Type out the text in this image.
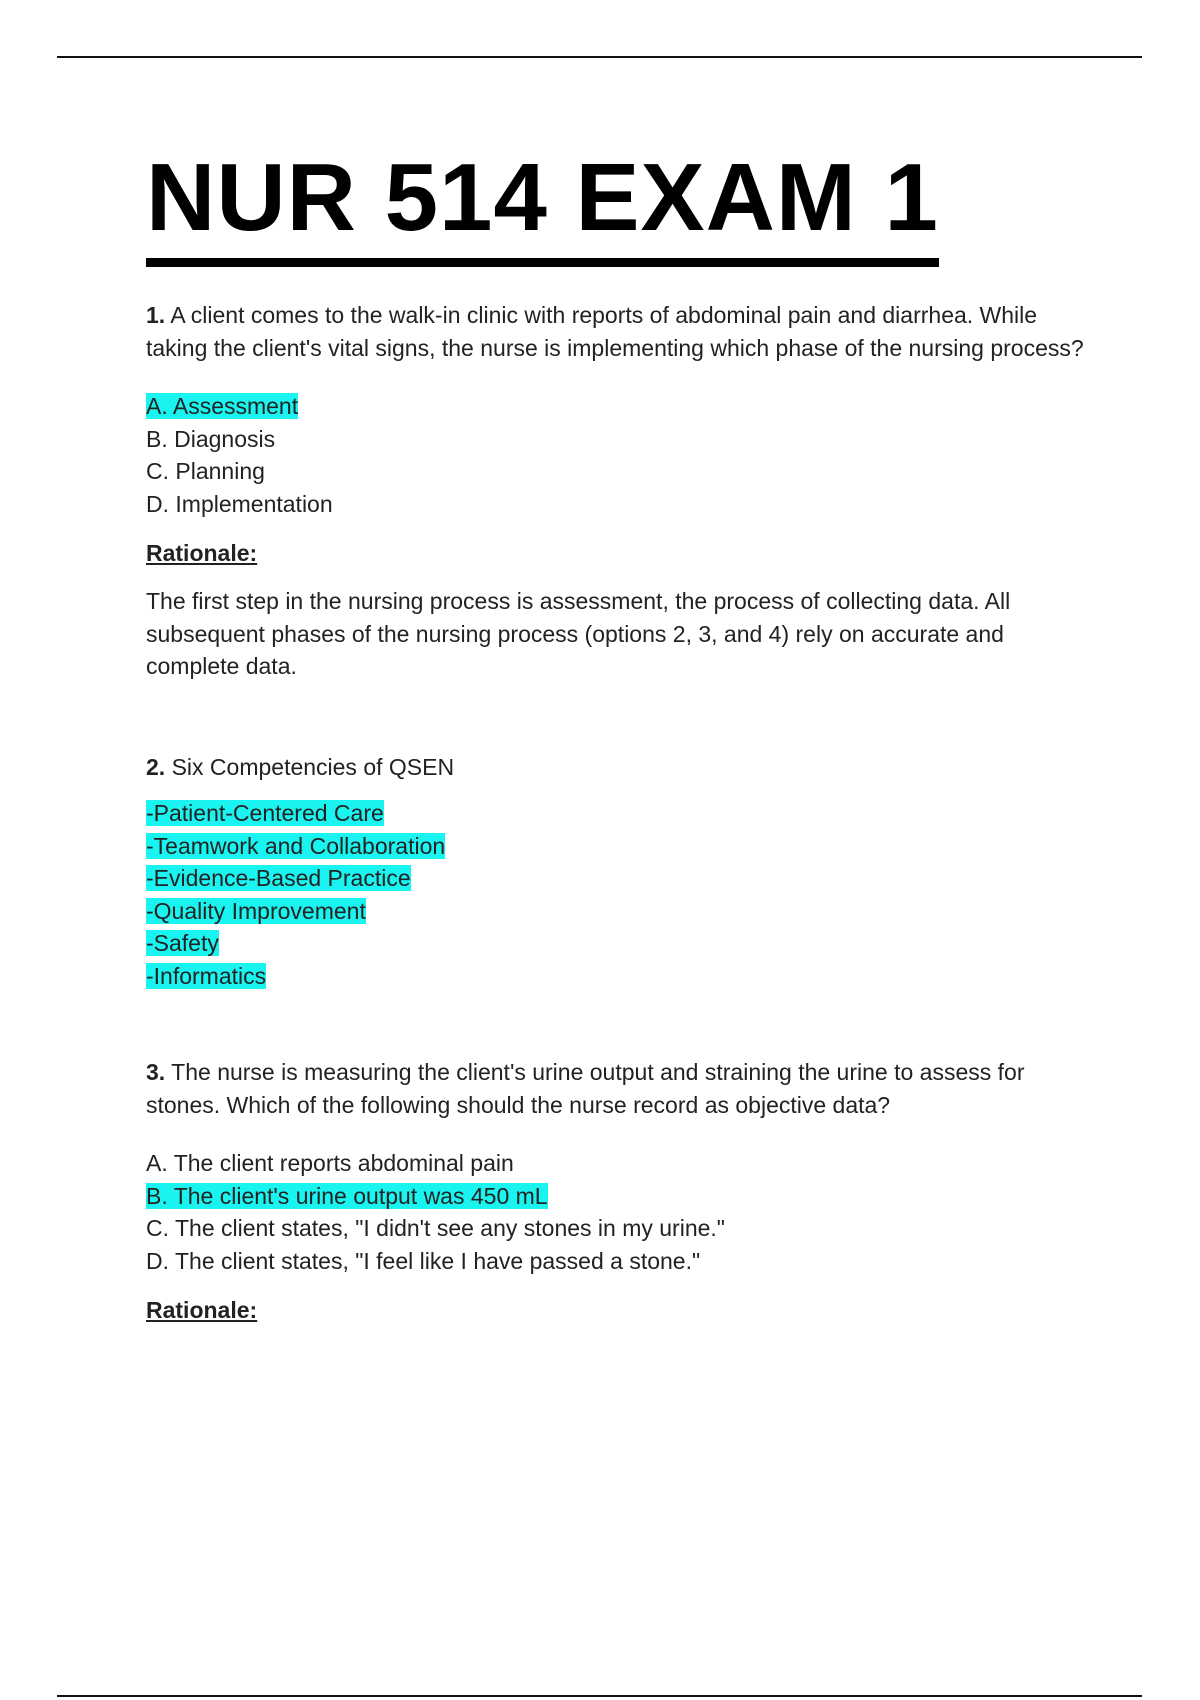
NUR 514 EXAM 1

1. A client comes to the walk-in clinic with reports of abdominal pain and diarrhea. While taking the client's vital signs, the nurse is implementing which phase of the nursing process?

A. Assessment
B. Diagnosis
C. Planning
D. Implementation

Rationale:

The first step in the nursing process is assessment, the process of collecting data. All subsequent phases of the nursing process (options 2, 3, and 4) rely on accurate and complete data.

2. Six Competencies of QSEN

-Patient-Centered Care
-Teamwork and Collaboration
-Evidence-Based Practice
-Quality Improvement
-Safety
-Informatics

3. The nurse is measuring the client's urine output and straining the urine to assess for stones. Which of the following should the nurse record as objective data?

A. The client reports abdominal pain
B. The client's urine output was 450 mL
C. The client states, "I didn't see any stones in my urine."
D. The client states, "I feel like I have passed a stone."

Rationale:
